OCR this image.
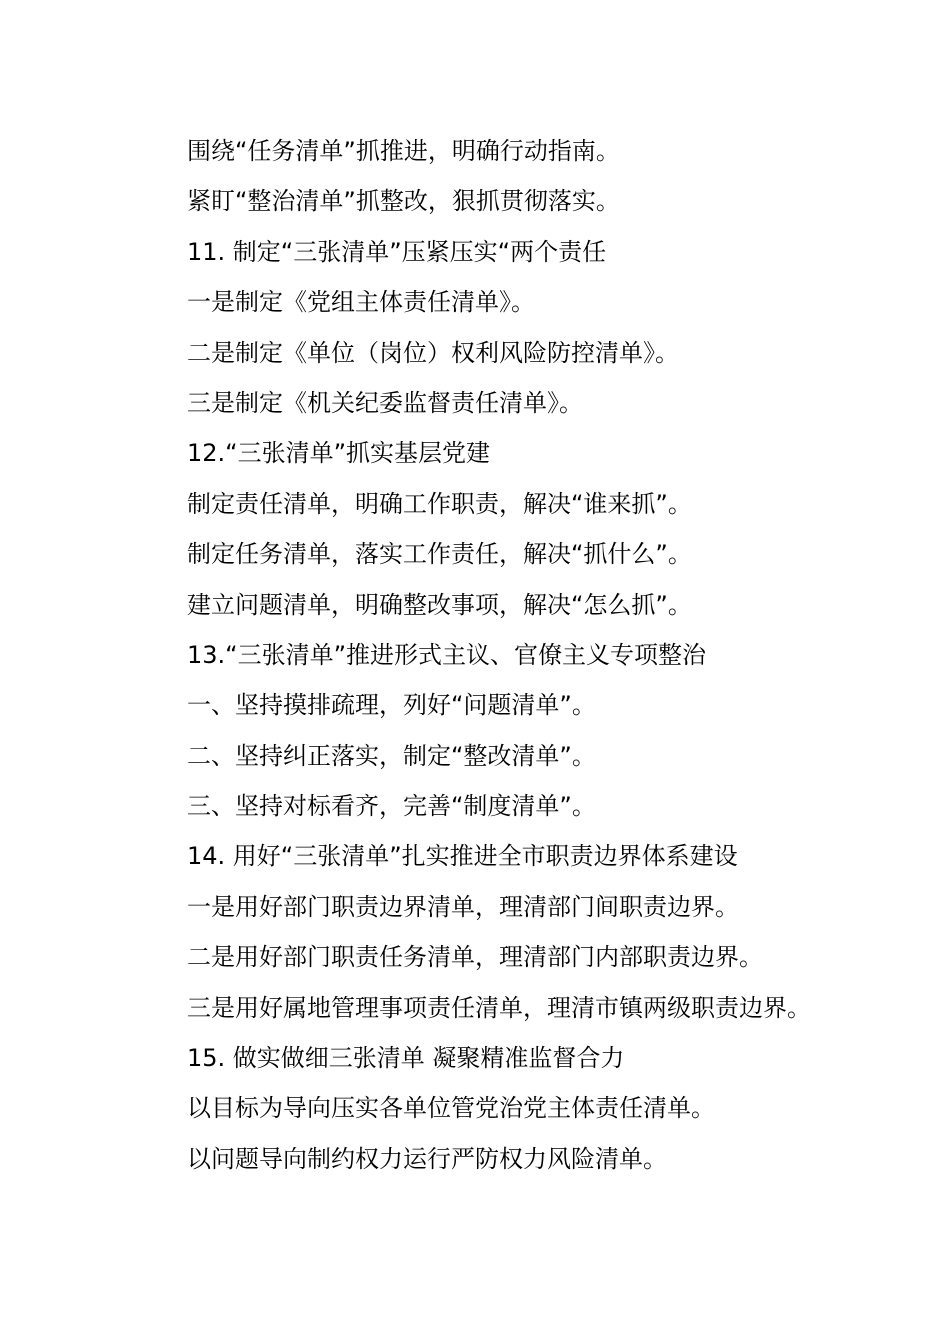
围绕“任务清单”抓推进，明确行动指南。

紧盯“整治清单”抓整改，狠抓贯彻落实。

11. 制定“三张清单”压紧压实“两个责任

一是制定《党组主体责任清单》。

二是制定《单位（岗位）权利风险防控清单》。

三是制定《机关纪委监督责任清单》。

12.“三张清单”抓实基层党建

制定责任清单，明确工作职责，解决“谁来抓”。

制定任务清单，落实工作责任，解决“抓什么”。

建立问题清单，明确整改事项，解决“怎么抓”。

13.“三张清单”推进形式主议、官僚主义专项整治

一、坚持摸排疏理，列好“问题清单”。

二、坚持纠正落实，制定“整改清单”。

三、坚持对标看齐，完善“制度清单”。

14. 用好“三张清单”扎实推进全市职责边界体系建设

一是用好部门职责边界清单，理清部门间职责边界。

二是用好部门职责任务清单，理清部门内部职责边界。

三是用好属地管理事项责任清单，理清市镇两级职责边界。

15. 做实做细三张清单 凝聚精准监督合力

以目标为导向压实各单位管党治党主体责任清单。

以问题导向制约权力运行严防权力风险清单。
